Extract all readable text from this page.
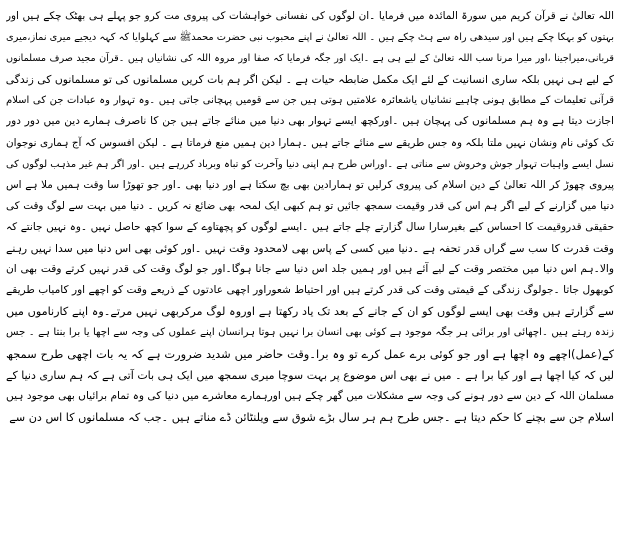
اللہ تعالیٰ نے قرآن کریم میں سورۃ المائدہ میں فرمایا ۔ان لوگوں کی نفسانی خواہشات کی پیروی مت کرو جو پہلے ہی بھٹک چکے ہیں اور
بہتوں کو بہکا چکے ہیں اور سیدھی راہ سے ہٹ چکے ہیں ۔ اللہ تعالیٰ نے اپنے محبوب نبی حضرت محمدﷺ سے کہلوایا کہ کہہ دیجیے میری نماز،میری
قربانی،میراجینا ،اور میرا مرنا سب اللہ تعالیٰ کے لیے ہی ہے ۔ایک اور جگہ فرمایا کہ صفا اور مروہ اللہ کی نشانیاں ہیں ۔قرآن مجید صرف مسلمانوں
کے لیے ہی نہیں بلکہ ساری انسانیت کے لئے ایک مکمل ضابطہ حیات ہے ۔ لیکن اگر ہم بات کریں مسلمانوں کی تو مسلمانوں کی زندگی
قرآنی تعلیمات کے مطابق ہونی چاہیے نشانیاں یاشعائرہ علامتیں ہوتی ہیں جن سے قومیں پہچانی جاتی ہیں ۔وہ تہوار وہ عبادات جن کی اسلام
اجازت دیتا ہے وہ ہم مسلمانوں کی پہچان ہیں ۔اورکچھ ایسے تہوار بھی دنیا میں منائے جاتے ہیں جن کا ناصرف ہمارے دین میں دور دور
تک کوئی نام ونشان نہیں ملتا بلکہ وہ جس طریقے سے منائے جاتے ہیں ۔ہمارا دین ہمیں منع فرماتا ہے ۔ لیکن افسوس کہ آج ہماری نوجوان
نسل ایسے واہیات تہوار جوش وخروش سے مناتی ہے ۔اوراس طرح ہم اپنی دنیا وآخرت کو تباہ وبرباد کررہے ہیں ۔اور اگر ہم غیر مذہب لوگوں کی
پیروی چھوڑ کر اللہ تعالیٰ کے دین اسلام کی پیروی کرلیں تو ہمارادین بھی بچ سکتا ہے اور دنیا بھی ۔اور جو تھوڑا سا وقت ہمیں ملا ہے اس
دنیا میں گزارنے کے لیے اگر ہم اس کی قدر وقیمت سمجھ جائیں تو ہم کبھی ایک لمحہ بھی ضائع نہ کریں ۔ دنیا میں بہت سے لوگ وقت کی
حقیقی قدروقیمت کا احساس کیے بغیرسارا سال گزارتے چلے جاتے ہیں ۔ایسے لوگوں کو پچھتاوے کے سوا کچھ حاصل نہیں ۔وہ نہیں جانتے کہ
وقت قدرت کا سب سے گراں قدر تحفہ ہے ۔دنیا میں کسی کے پاس بھی لامحدود وقت نہیں ۔اور کوئی بھی اس دنیا میں سدا نہیں رہنے
والا۔ہم اس دنیا میں مختصر وقت کے لیے آئے ہیں اور ہمیں جلد اس دنیا سے جانا ہوگا۔اور جو لوگ وقت کی قدر نہیں کرتے وقت بھی ان
کوبھول جاتا ۔جولوگ زندگی کے قیمتی وقت کی قدر کرتے ہیں اور احتیاط شعوراور اچھی عادتوں کے ذریعے وقت کو اچھے اور کامیاب طریقے
سے گزارتے ہیں وقت بھی ایسے لوگوں کو ان کے جانے کے بعد تک یاد رکھتا ہے اوروہ لوگ مرکربھی نہیں مرتے۔وہ اپنے کارناموں میں
زندہ رہتے ہیں ۔اچھائی اور برائی ہر جگہ موجود ہے کوئی بھی انسان برا نہیں ہوتا ہرانسان اپنے عملوں کی وجہ سے اچھا یا برا بنتا ہے ۔ جس
کے(عمل)اچھے وہ اچھا ہے اور جو کوئی برے عمل کرے تو وہ برا۔وقت حاضر میں شدید ضرورت ہے کہ یہ بات اچھی طرح سمجھ
لیں کہ کیا اچھا ہے اور کیا برا ہے ۔ میں نے بھی اس موضوع پر بہت سوچا میری سمجھ میں ایک ہی بات آتی ہے کہ ہم ساری دنیا کے
مسلمان اللہ کے دین سے دور ہونے کی وجہ سے مشکلات میں گھر چکے ہیں اورہمارے معاشرے میں دنیا کی وہ تمام برائیاں بھی موجود ہیں
اسلام جن سے بچنے کا حکم دیتا ہے ۔جس طرح ہم ہر سال بڑے شوق سے ویلنٹائن ڈے مناتے ہیں ۔جب کہ مسلمانوں کا اس دن سے
